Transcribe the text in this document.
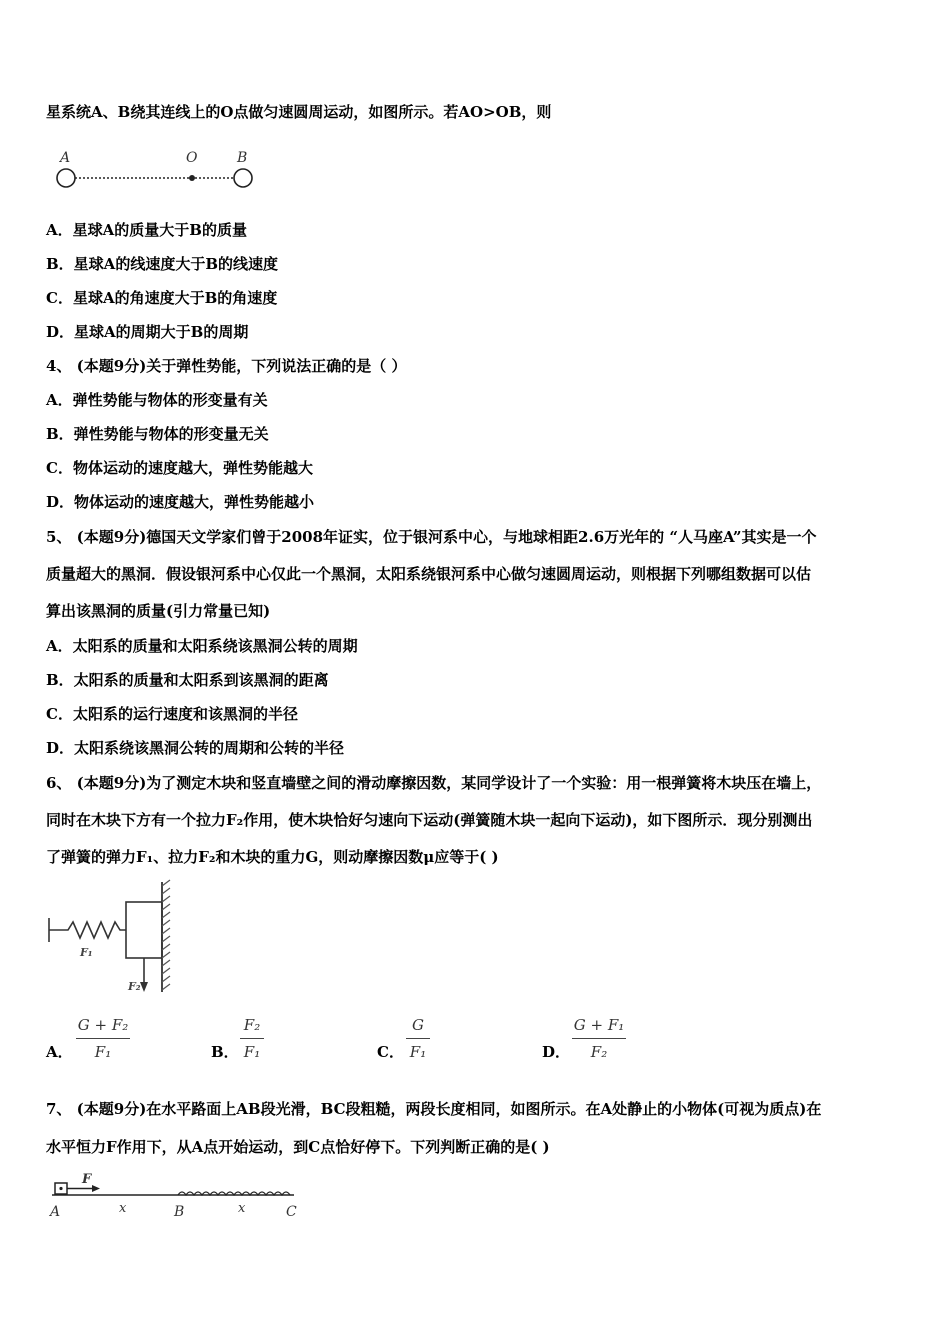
星系统A、B绕其连线上的O点做匀速圆周运动，如图所示。若AO>OB，则
A	O	B
A．星球A的质量大于B的质量
B．星球A的线速度大于B的线速度
C．星球A的角速度大于B的角速度
D．星球A的周期大于B的周期
4、 (本题9分)关于弹性势能，下列说法正确的是（ ）
A．弹性势能与物体的形变量有关
B．弹性势能与物体的形变量无关
C．物体运动的速度越大，弹性势能越大
D．物体运动的速度越大，弹性势能越小
5、 (本题9分)德国天文学家们曾于2008年证实，位于银河系中心，与地球相距2.6万光年的 “人马座A”其实是一个
质量超大的黑洞．假设银河系中心仅此一个黑洞，太阳系绕银河系中心做匀速圆周运动，则根据下列哪组数据可以估
算出该黑洞的质量(引力常量已知)
A．太阳系的质量和太阳系绕该黑洞公转的周期
B．太阳系的质量和太阳系到该黑洞的距离
C．太阳系的运行速度和该黑洞的半径
D．太阳系绕该黑洞公转的周期和公转的半径
6、 (本题9分)为了测定木块和竖直墙壁之间的滑动摩擦因数，某同学设计了一个实验：用一根弹簧将木块压在墙上，
同时在木块下方有一个拉力F₂作用，使木块恰好匀速向下运动(弹簧随木块一起向下运动)，如下图所示．现分别测出
了弹簧的弹力F₁、拉力F₂和木块的重力G，则动摩擦因数μ应等于( )
F₁
F₂
A．
G + F₂
F₁	B．
F₂
F₁	C．
G
F₁	D．
G + F₁
F₂
7、 (本题9分)在水平路面上AB段光滑，BC段粗糙，两段长度相同，如图所示。在A处静止的小物体(可视为质点)在
水平恒力F作用下，从A点开始运动，到C点恰好停下。下列判断正确的是( )
F
A	x	B	x	C
